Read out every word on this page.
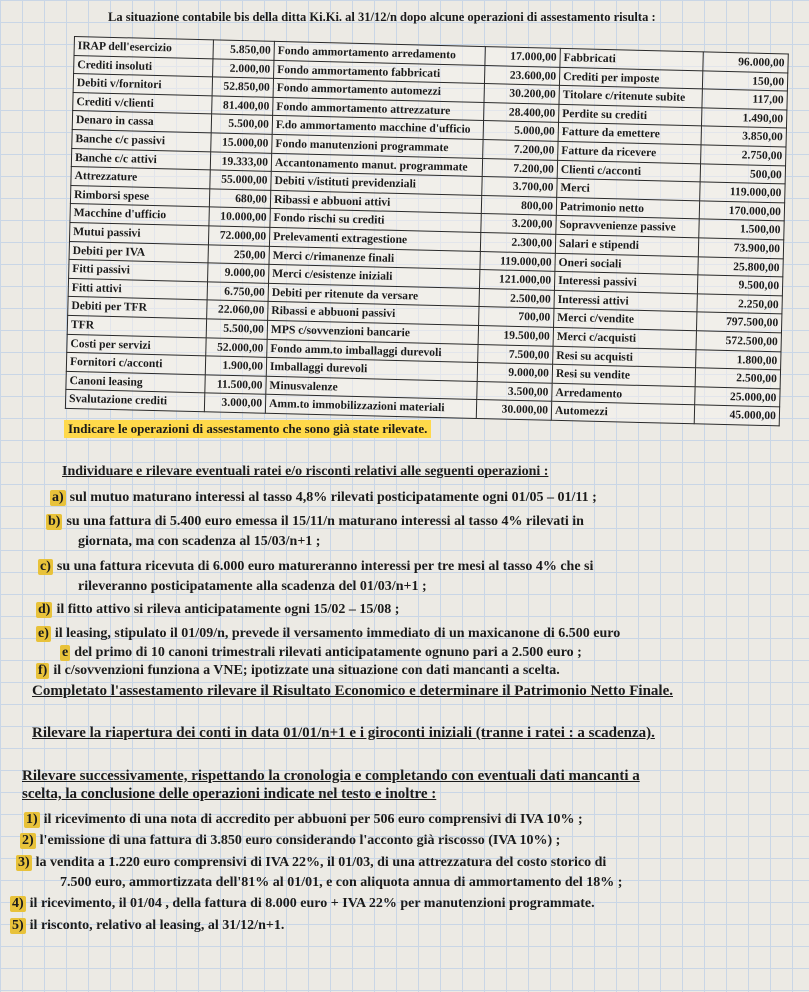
La situazione contabile bis della ditta Ki.Ki. al 31/12/n dopo alcune operazioni di assestamento risulta :
IRAP dell'esercizio	5.850,00	Fondo ammortamento arredamento	17.000,00	Fabbricati	96.000,00
Crediti insoluti	2.000,00	Fondo ammortamento fabbricati	23.600,00	Crediti per imposte	150,00
Debiti v/fornitori	52.850,00	Fondo ammortamento automezzi	30.200,00	Titolare c/ritenute subite	117,00
Crediti v/clienti	81.400,00	Fondo ammortamento attrezzature	28.400,00	Perdite su crediti	1.490,00
Denaro in cassa	5.500,00	F.do ammortamento macchine d'ufficio	5.000,00	Fatture da emettere	3.850,00
Banche c/c passivi	15.000,00	Fondo manutenzioni programmate	7.200,00	Fatture da ricevere	2.750,00
Banche c/c attivi	19.333,00	Accantonamento manut. programmate	7.200,00	Clienti c/acconti	500,00
Attrezzature	55.000,00	Debiti v/istituti previdenziali	3.700,00	Merci	119.000,00
Rimborsi spese	680,00	Ribassi e abbuoni attivi	800,00	Patrimonio netto	170.000,00
Macchine d'ufficio	10.000,00	Fondo rischi su crediti	3.200,00	Sopravvenienze passive	1.500,00
Mutui passivi	72.000,00	Prelevamenti extragestione	2.300,00	Salari e stipendi	73.900,00
Debiti per IVA	250,00	Merci c/rimanenze finali	119.000,00	Oneri sociali	25.800,00
Fitti passivi	9.000,00	Merci c/esistenze iniziali	121.000,00	Interessi passivi	9.500,00
Fitti attivi	6.750,00	Debiti per ritenute da versare	2.500,00	Interessi attivi	2.250,00
Debiti per TFR	22.060,00	Ribassi e abbuoni passivi	700,00	Merci c/vendite	797.500,00
TFR	5.500,00	MPS c/sovvenzioni bancarie	19.500,00	Merci c/acquisti	572.500,00
Costi per servizi	52.000,00	Fondo amm.to imballaggi durevoli	7.500,00	Resi su acquisti	1.800,00
Fornitori c/acconti	1.900,00	Imballaggi durevoli	9.000,00	Resi su vendite	2.500,00
Canoni leasing	11.500,00	Minusvalenze	3.500,00	Arredamento	25.000,00
Svalutazione crediti	3.000,00	Amm.to immobilizzazioni materiali	30.000,00	Automezzi	45.000,00
Indicare le operazioni di assestamento che sono già state rilevate.
Individuare e rilevare eventuali ratei e/o risconti relativi alle seguenti operazioni :
a) sul mutuo maturano interessi al tasso 4,8% rilevati posticipatamente ogni 01/05 – 01/11 ;
b) su una fattura di 5.400 euro emessa il 15/11/n maturano interessi al tasso 4% rilevati in
giornata, ma con scadenza al 15/03/n+1 ;
c) su una fattura ricevuta di 6.000 euro matureranno interessi per tre mesi al tasso 4% che si
rileveranno posticipatamente alla scadenza del 01/03/n+1 ;
d) il fitto attivo si rileva anticipatamente ogni 15/02 – 15/08 ;
e) il leasing, stipulato il 01/09/n, prevede il versamento immediato di un maxicanone di 6.500 euro
e del primo di 10 canoni trimestrali rilevati anticipatamente ognuno pari a 2.500 euro ;
f) il c/sovvenzioni funziona a VNE; ipotizzate una situazione con dati mancanti a scelta.
Completato l'assestamento rilevare il Risultato Economico e determinare il Patrimonio Netto Finale.
Rilevare la riapertura dei conti in data 01/01/n+1 e i giroconti iniziali (tranne i ratei : a scadenza).
Rilevare successivamente, rispettando la cronologia e completando con eventuali dati mancanti a
scelta, la conclusione delle operazioni indicate nel testo e inoltre :
1) il ricevimento di una nota di accredito per abbuoni per 506 euro comprensivi di IVA 10% ;
2) l'emissione di una fattura di 3.850 euro considerando l'acconto già riscosso (IVA 10%) ;
3) la vendita a 1.220 euro comprensivi di IVA 22%, il 01/03, di una attrezzatura del costo storico di
7.500 euro, ammortizzata dell'81% al 01/01, e con aliquota annua di ammortamento del 18% ;
4) il ricevimento, il 01/04 , della fattura di 8.000 euro + IVA 22% per manutenzioni programmate.
5) il risconto, relativo al leasing, al 31/12/n+1.
